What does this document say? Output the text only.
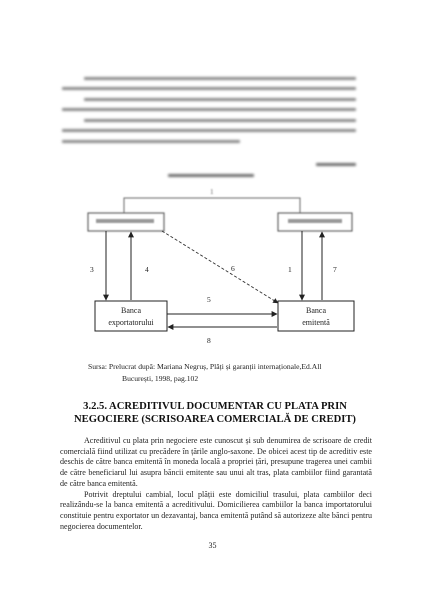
1
Banca
exportatorului
Banca
emitentă
3	4	6	1	7
5
8
Sursa: Prelucrat după: Mariana Negruș, Plăți și garanții internaționale,Ed.All
București, 1998, pag.102
3.2.5. ACREDITIVUL DOCUMENTAR CU PLATA PRIN
NEGOCIERE (SCRISOAREA COMERCIALĂ DE CREDIT)

Acreditivul cu plata prin negociere este cunoscut și sub denumirea de scrisoare de credit comercială fiind utilizat cu precădere în țările anglo-saxone. De obicei acest tip de acreditiv este deschis de către banca emitentă în moneda locală a propriei țări, presupune tragerea unei cambii de către beneficiarul lui asupra băncii emitente sau unui alt tras, plata cambiilor fiind garantată de către banca emitentă.

Potrivit dreptului cambial, locul plății este domiciliul trasului, plata cambiilor deci realizându-se la banca emitentă a acreditivului. Domicilierea cambiilor la banca importatorului constituie pentru exportator un dezavantaj, banca emitentă putând să autorizeze alte bănci pentru negocierea documentelor.

35
